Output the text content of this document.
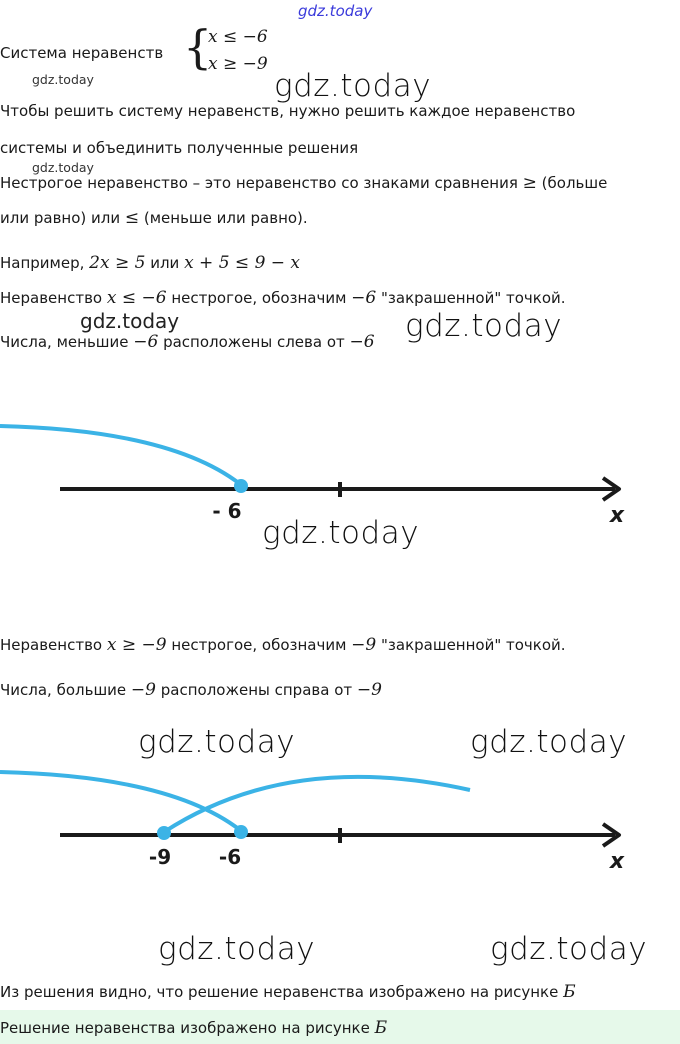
gdz.today
gdz.today	gdz.today
gdz.today
gdz.today	gdz.today
gdz.today
gdz.today	gdz.today
gdz.today	gdz.today
Система неравенств {
x ≤ −6
x ≥ −9
Чтобы решить систему неравенств, нужно решить каждое неравенство
системы и объединить полученные решения
Нестрогое неравенство – это неравенство со знаками сравнения ≥ (больше
или равно) или ≤ (меньше или равно).
Например, 2x ≥ 5 или x + 5 ≤ 9 − x
Неравенство x ≤ −6 нестрогое, обозначим −6 "закрашенной" точкой.
Числа, меньшие −6 расположены слева от −6
- 6	x
Неравенство x ≥ −9 нестрогое, обозначим −9 "закрашенной" точкой.
Числа, большие −9 расположены справа от −9
-9 -6	x
Из решения видно, что решение неравенства изображено на рисунке Б
Решение неравенства изображено на рисунке Б
